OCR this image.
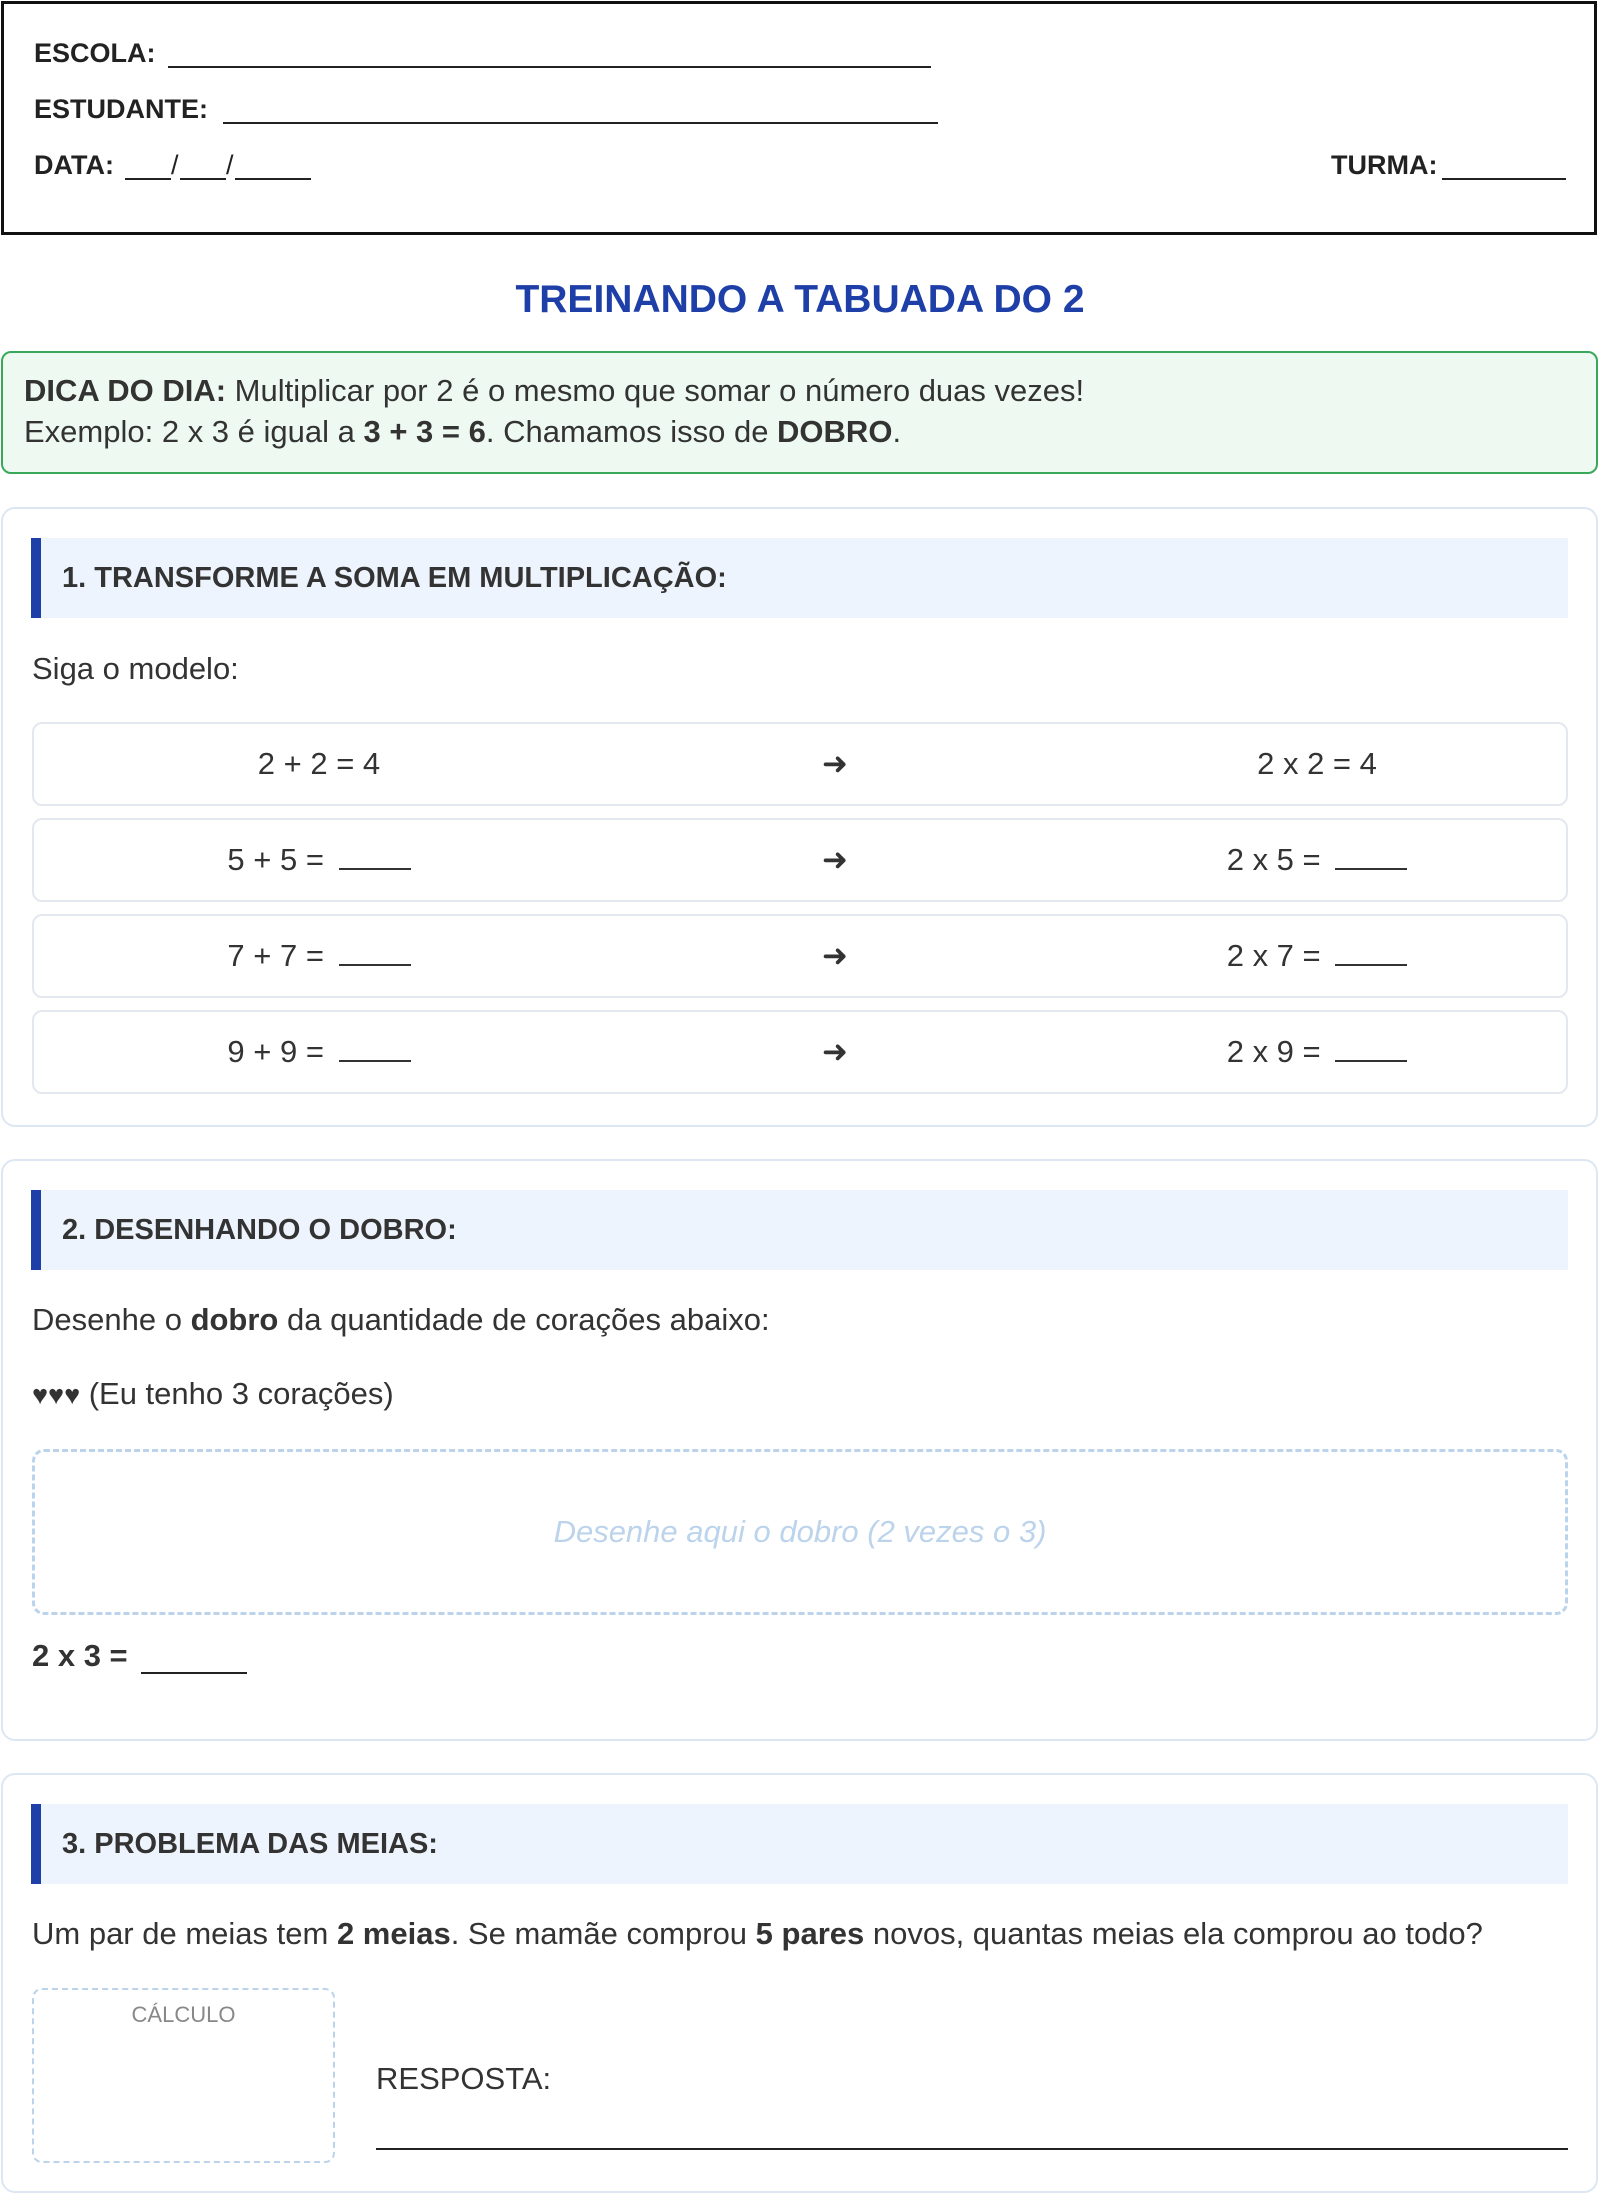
ESCOLA:
ESTUDANTE:
DATA: / /	TURMA:
TREINANDO A TABUADA DO 2
DICA DO DIA: Multiplicar por 2 é o mesmo que somar o número duas vezes!
Exemplo: 2 x 3 é igual a 3 + 3 = 6. Chamamos isso de DOBRO.
1. TRANSFORME A SOMA EM MULTIPLICAÇÃO:
Siga o modelo:
2 + 2 = 4	➜	2 x 2 = 4
5 + 5 =	➜	2 x 5 =
7 + 7 =	➜	2 x 7 =
9 + 9 =	➜	2 x 9 =
2. DESENHANDO O DOBRO:
Desenhe o dobro da quantidade de corações abaixo:
♥♥♥ (Eu tenho 3 corações)
Desenhe aqui o dobro (2 vezes o 3)
2 x 3 =
3. PROBLEMA DAS MEIAS:
Um par de meias tem 2 meias. Se mamãe comprou 5 pares novos, quantas meias ela comprou ao todo?
CÁLCULO
RESPOSTA:
